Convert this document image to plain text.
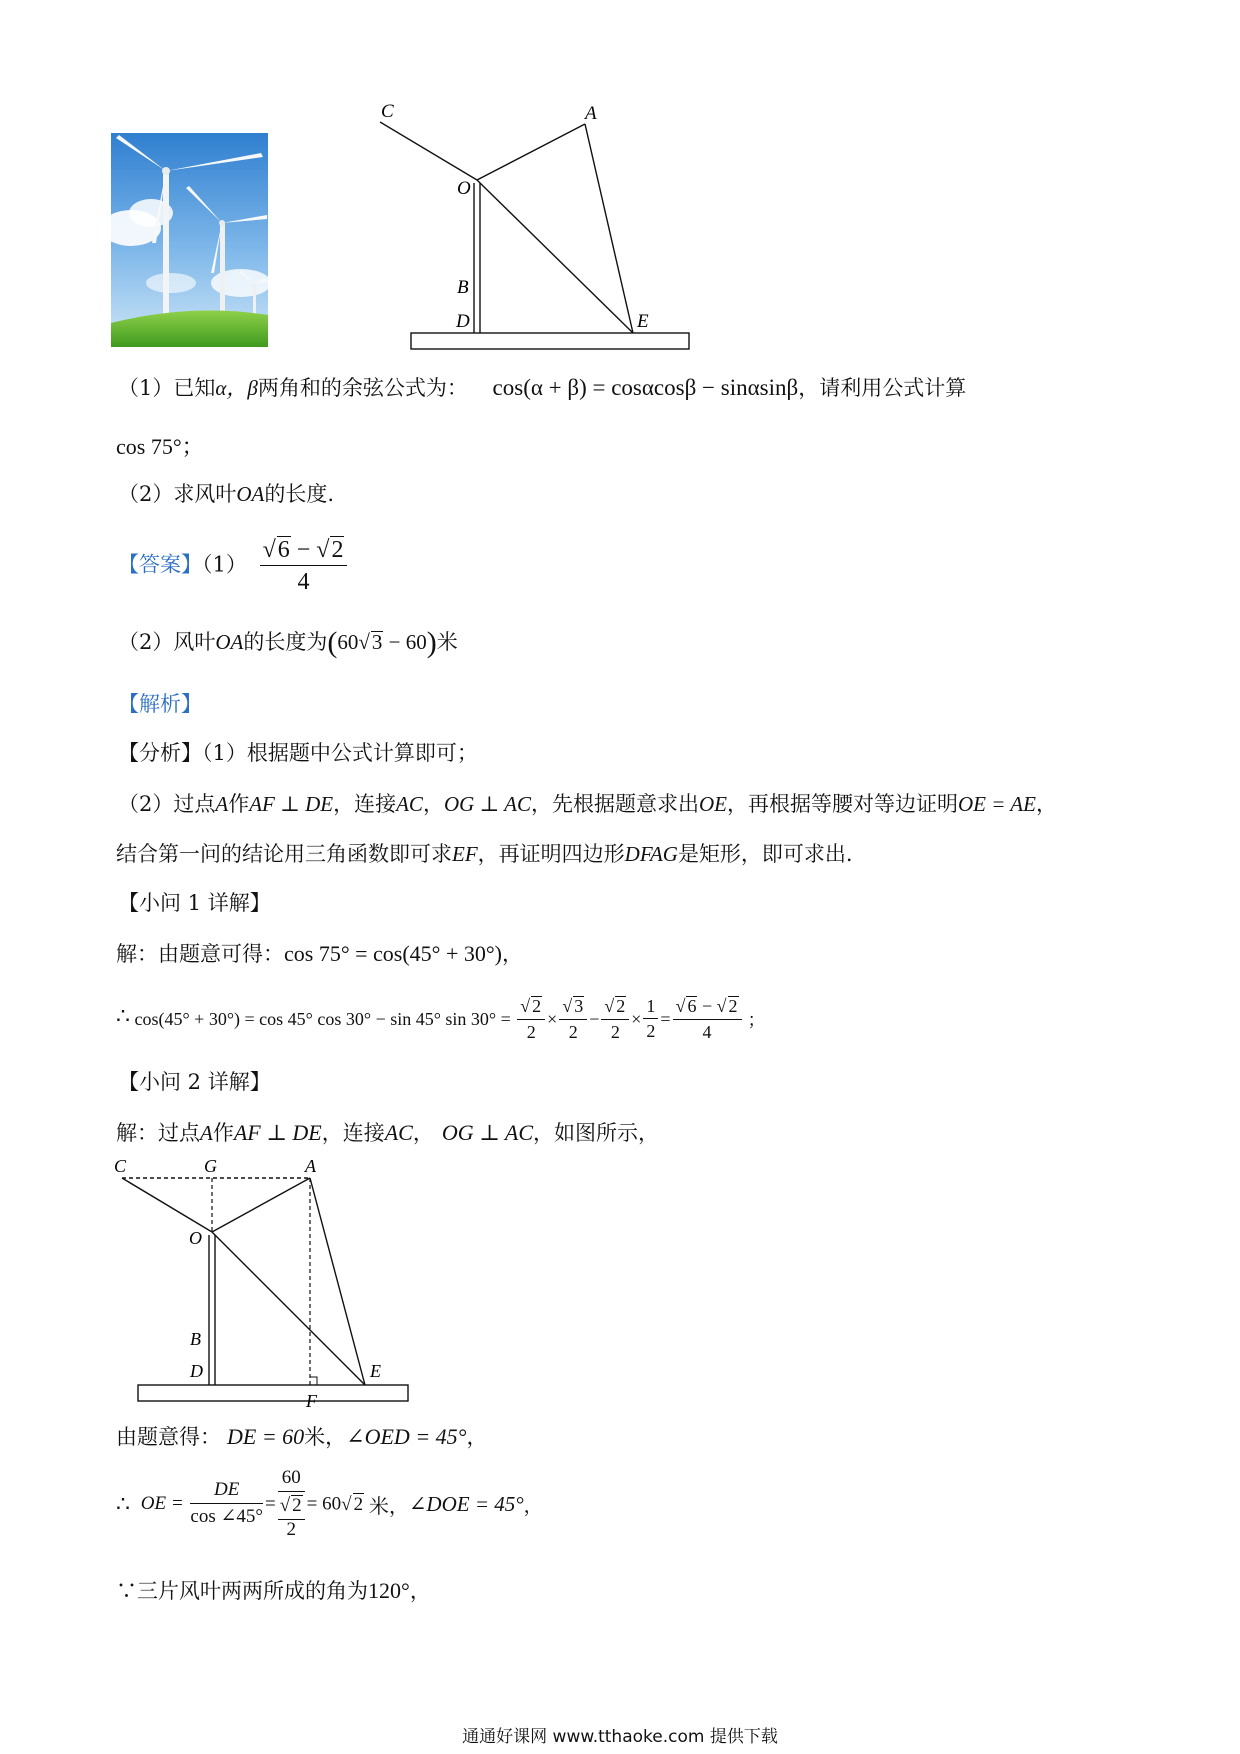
C	A
O
B
D	E
（1）已知α，β两角和的余弦公式为： cos(α + β) = cosαcosβ − sinαsinβ，请利用公式计算
cos 75°；
（2）求风叶OA的长度.
【答案】$(1) \frac{√6 - √2}{4}$
（2）风叶OA的长度为(60√3 − 60)米
【解析】
【分析】（1）根据题中公式计算即可；
（2）过点A作AF ⊥ DE，连接AC，OG ⊥ AC，先根据题意求出OE，再根据等腰对等边证明OE = AE，
结合第一问的结论用三角函数即可求EF，再证明四边形DFAG是矩形，即可求出.
【小问 1 详解】
解：由题意可得：cos 75° = cos(45° + 30°)，
∴ cos(45° + 30°) = cos 45° cos 30° − sin 45° $\sin 30^\circ = \frac{√ 2}{2} \times \frac{√ 3}{2} - \frac{√ 2}{2} \times \frac{1}{2} = \frac{√ 6 - √ 2}{4}$ ；
【小问 2 详解】
解：过点A作AF ⊥ DE，连接AC， OG ⊥ AC，如图所示，
C	G	A
O
B
D	E
F
由题意得： DE = 60米，∠OED = 45°，
∴ OE = $\frac{DE}{\cos \angle 45^\circ}$ =
60
√ 2
2
= 60√ 2 米，∠DOE = 45°，
∵三片风叶两两所成的角为120°，
通通好课网 www.tthaoke.com 提供下载
